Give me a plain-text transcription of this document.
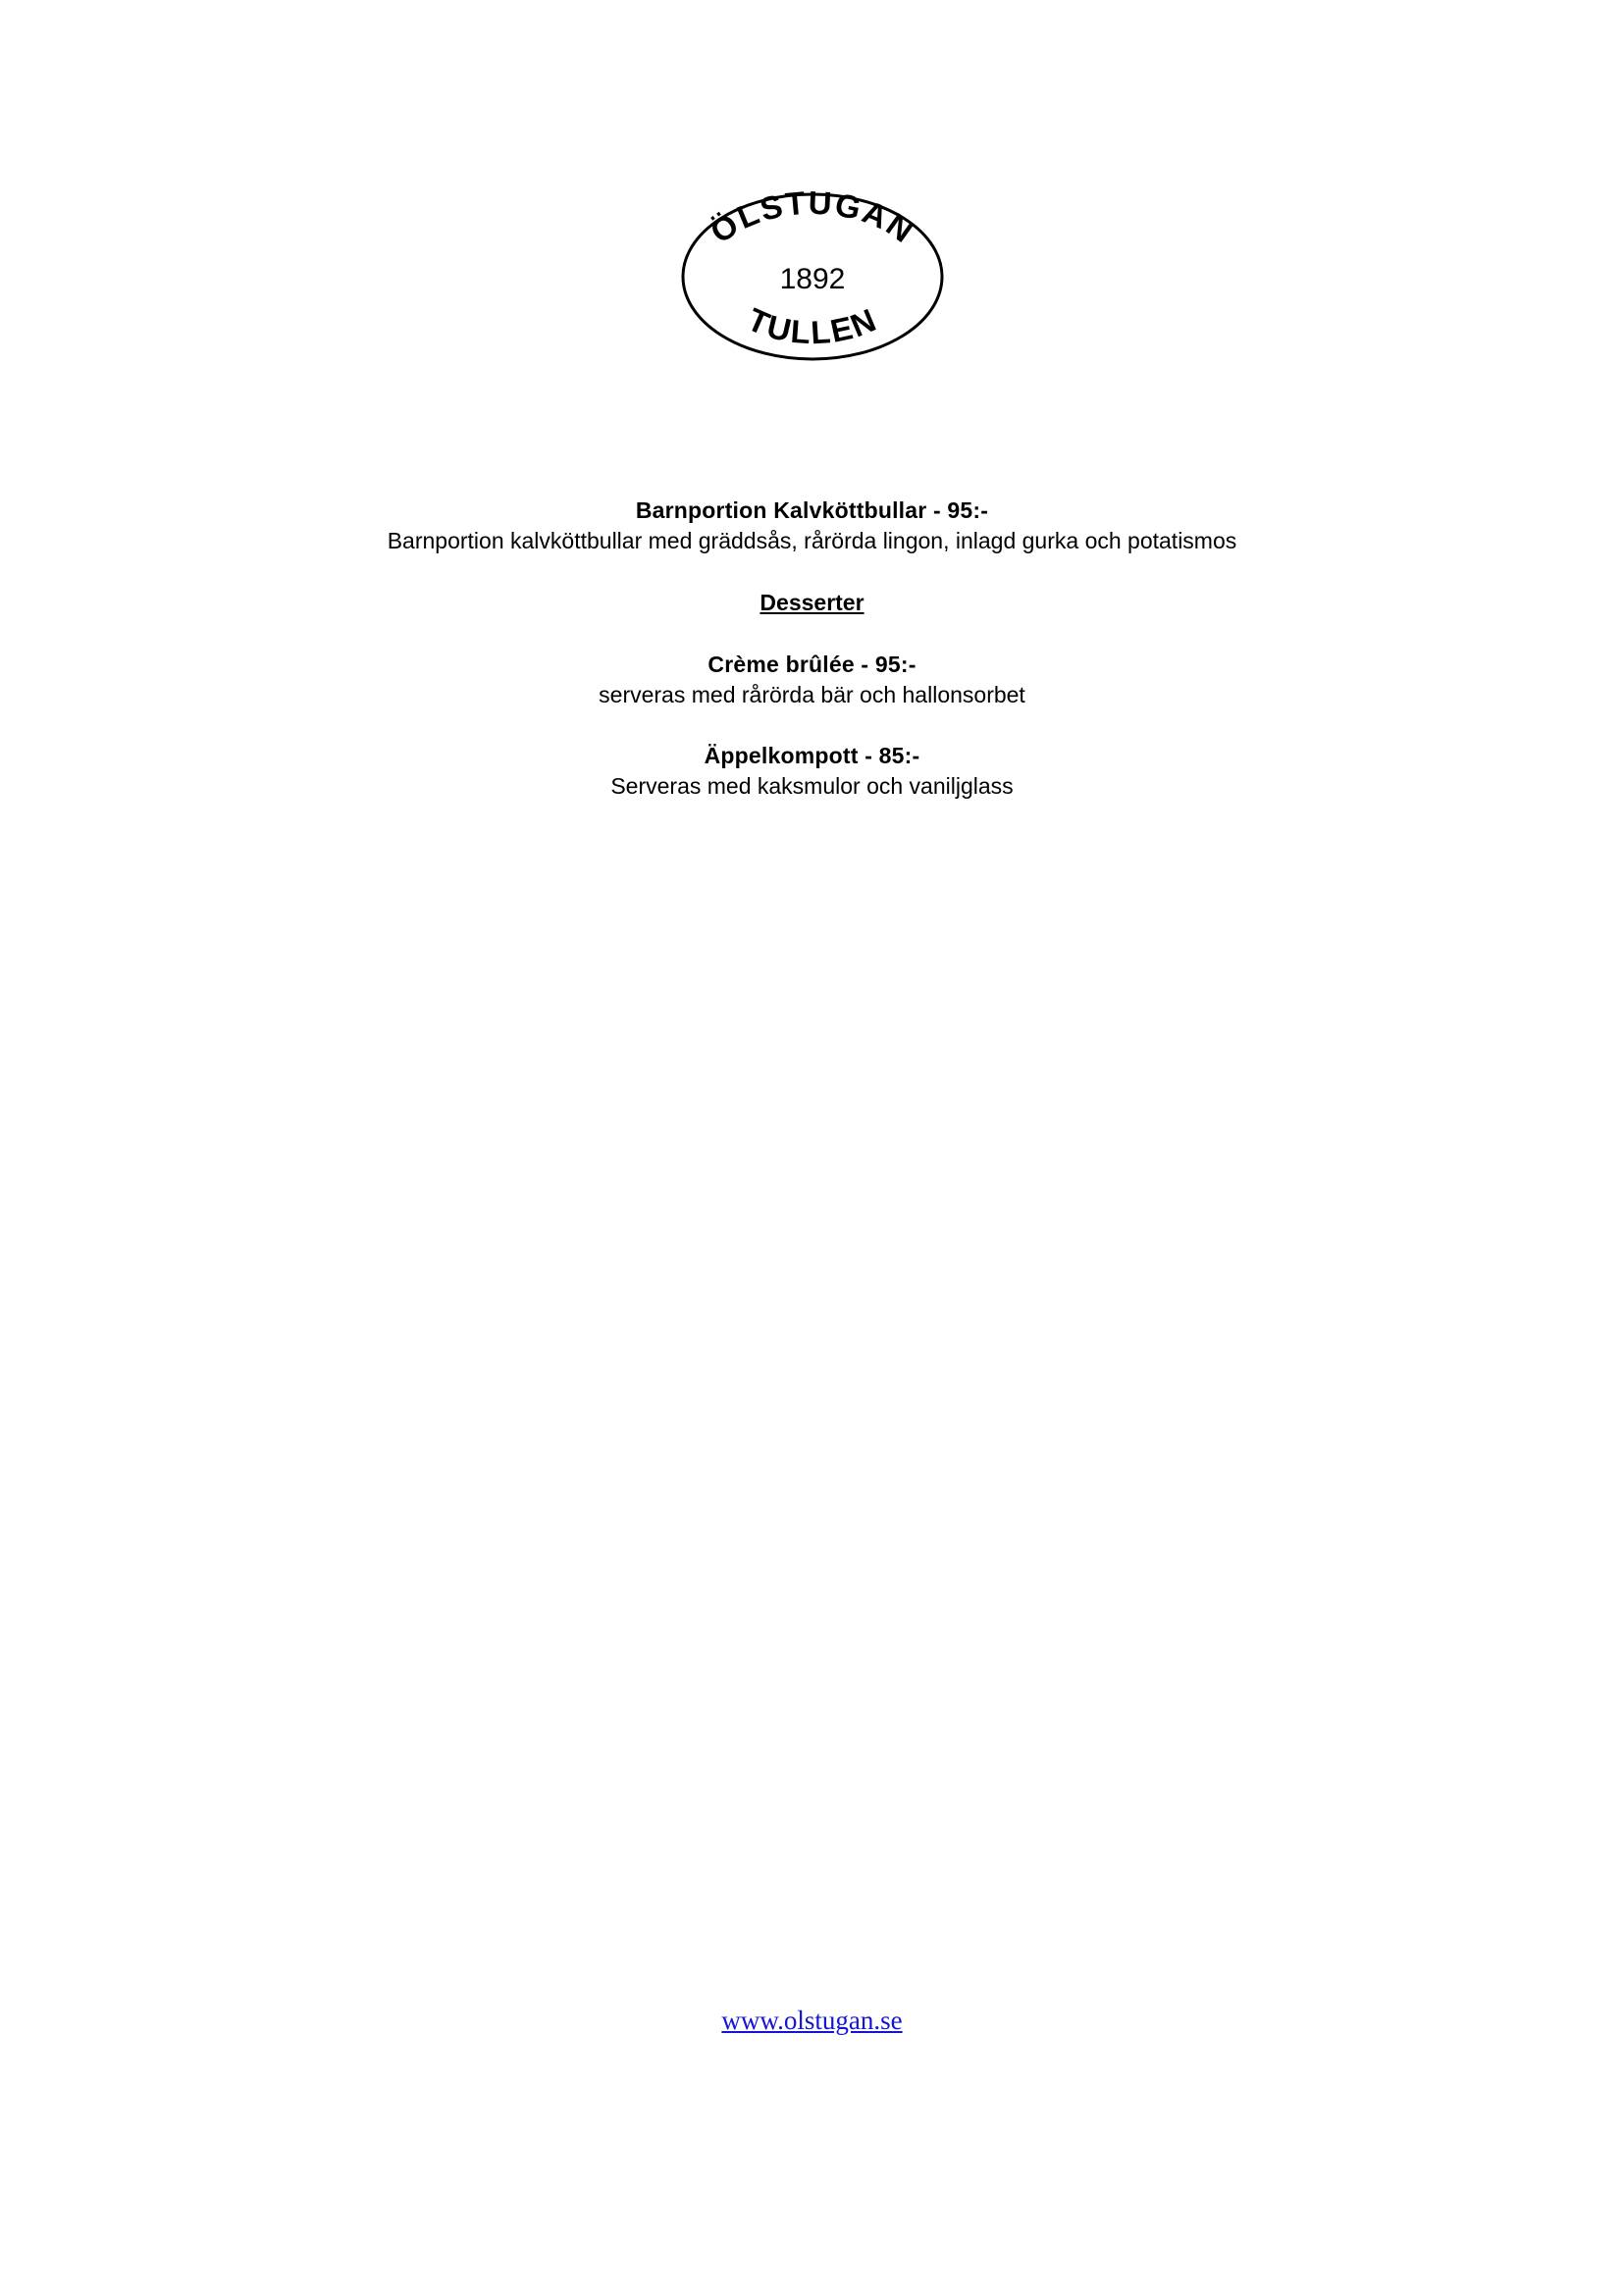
ÖLSTUGAN
TULLEN
1892
Barnportion Kalvköttbullar - 95:-
Barnportion kalvköttbullar med gräddsås, rårörda lingon, inlagd gurka och potatismos
Desserter
Crème brûlée - 95:-
serveras med rårörda bär och hallonsorbet
Äppelkompott - 85:-
Serveras med kaksmulor och vaniljglass
www.olstugan.se
